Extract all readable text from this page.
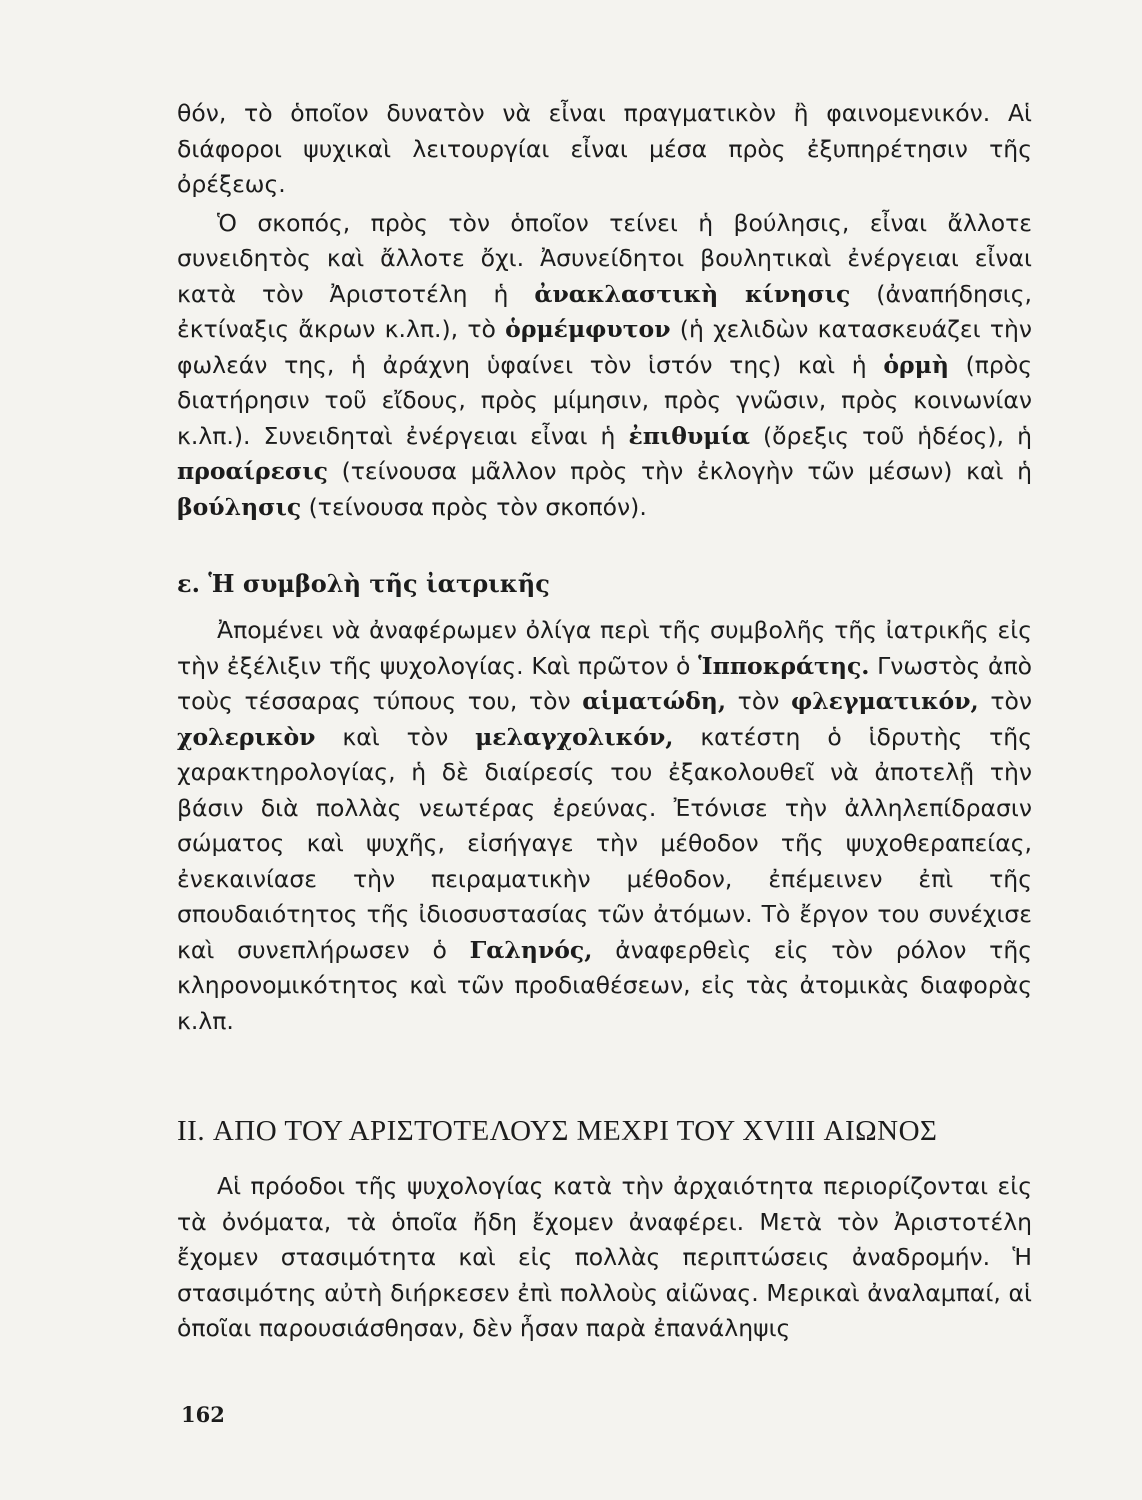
θόν, τὸ ὁποῖον δυνατὸν νὰ εἶναι πραγματικὸν ἢ φαινομενικόν. Αἱ διάφοροι ψυχικαὶ λειτουργίαι εἶναι μέσα πρὸς ἐξυπηρέτησιν τῆς ὀρέξεως.

Ὁ σκοπός, πρὸς τὸν ὁποῖον τείνει ἡ βούλησις, εἶναι ἄλλοτε συνειδητὸς καὶ ἄλλοτε ὄχι. Ἀσυνείδητοι βουλητικαὶ ἐνέργειαι εἶναι κατὰ τὸν Ἀριστοτέλη ἡ ἀνακλαστικὴ κίνησις (ἀναπήδησις, ἐκτίναξις ἄκρων κ.λπ.), τὸ ὁρμέμφυτον (ἡ χελιδὼν κατασκευάζει τὴν φωλεάν της, ἡ ἀράχνη ὑφαίνει τὸν ἱστόν της) καὶ ἡ ὁρμὴ (πρὸς διατήρησιν τοῦ εἴδους, πρὸς μίμησιν, πρὸς γνῶσιν, πρὸς κοινωνίαν κ.λπ.). Συνειδηταὶ ἐνέργειαι εἶναι ἡ ἐπιθυμία (ὄρεξις τοῦ ἡδέος), ἡ προαίρεσις (τείνουσα μᾶλλον πρὸς τὴν ἐκλογὴν τῶν μέσων) καὶ ἡ βούλησις (τείνουσα πρὸς τὸν σκοπόν).

ε. Ἡ συμβολὴ τῆς ἰατρικῆς

Ἀπομένει νὰ ἀναφέρωμεν ὀλίγα περὶ τῆς συμβολῆς τῆς ἰατρικῆς εἰς τὴν ἐξέλιξιν τῆς ψυχολογίας. Καὶ πρῶτον ὁ Ἱπποκράτης. Γνωστὸς ἀπὸ τοὺς τέσσαρας τύπους του, τὸν αἱματώδη, τὸν φλεγματικόν, τὸν χολερικὸν καὶ τὸν μελαγχολικόν, κατέστη ὁ ἱδρυτὴς τῆς χαρακτηρολογίας, ἡ δὲ διαίρεσίς του ἐξακολουθεῖ νὰ ἀποτελῇ τὴν βάσιν διὰ πολλὰς νεωτέρας ἐρεύνας. Ἐτόνισε τὴν ἀλληλεπίδρασιν σώματος καὶ ψυχῆς, εἰσήγαγε τὴν μέθοδον τῆς ψυχοθεραπείας, ἐνεκαινίασε τὴν πειραματικὴν μέθοδον, ἐπέμεινεν ἐπὶ τῆς σπουδαιότητος τῆς ἰδιοσυστασίας τῶν ἀτόμων. Τὸ ἔργον του συνέχισε καὶ συνεπλήρωσεν ὁ Γαληνός, ἀναφερθεὶς εἰς τὸν ρόλον τῆς κληρονομικότητος καὶ τῶν προδιαθέσεων, εἰς τὰς ἀτομικὰς διαφορὰς κ.λπ.

II. ΑΠΟ ΤΟΥ ΑΡΙΣΤΟΤΕΛΟΥΣ ΜΕΧΡΙ ΤΟΥ XVIII ΑΙΩΝΟΣ

Αἱ πρόοδοι τῆς ψυχολογίας κατὰ τὴν ἀρχαιότητα περιορίζονται εἰς τὰ ὀνόματα, τὰ ὁποῖα ἤδη ἔχομεν ἀναφέρει. Μετὰ τὸν Ἀριστοτέλη ἔχομεν στασιμότητα καὶ εἰς πολλὰς περιπτώσεις ἀναδρομήν. Ἡ στασιμότης αὐτὴ διήρκεσεν ἐπὶ πολλοὺς αἰῶνας. Μερικαὶ ἀναλαμπαί, αἱ ὁποῖαι παρουσιάσθησαν, δὲν ἦσαν παρὰ ἐπανάληψις

162
